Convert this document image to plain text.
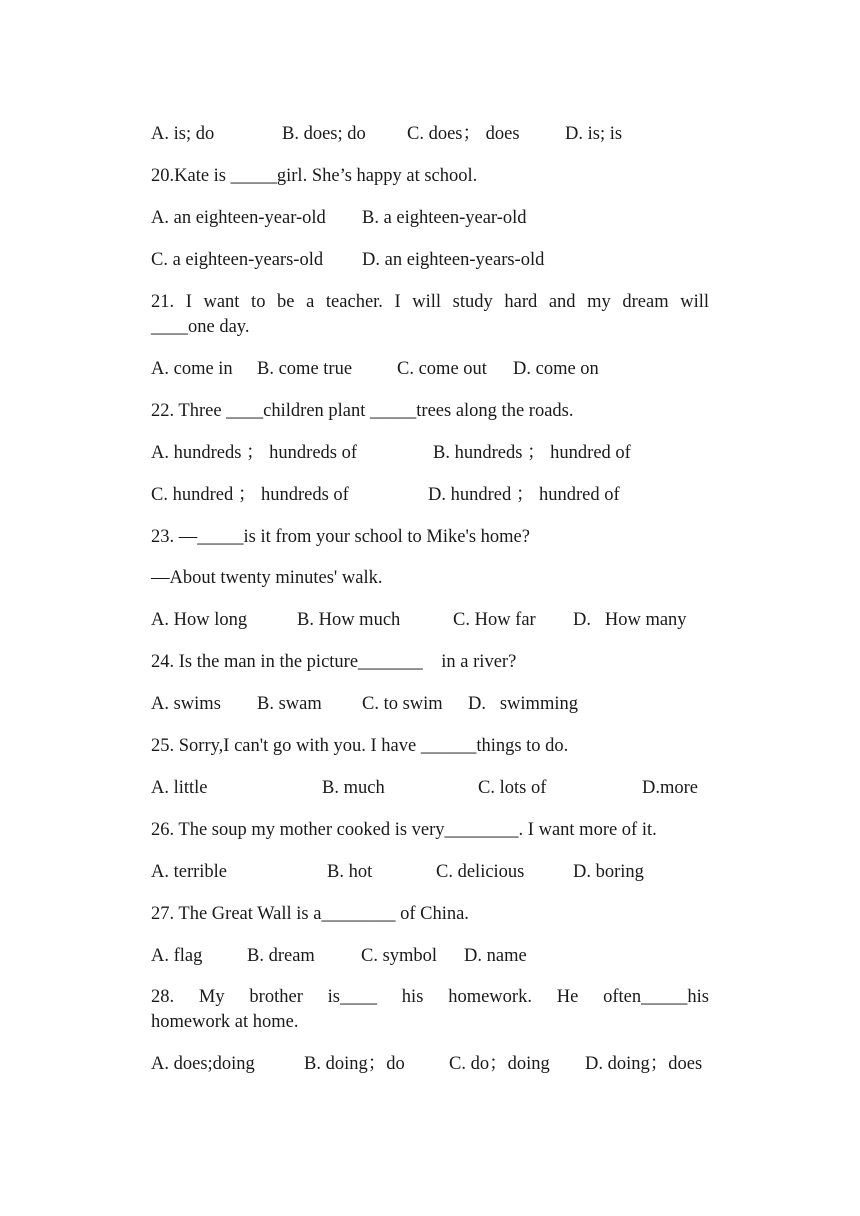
A. is; do	B. does; do C. does； does D. is; is
20.Kate is _____girl. She’s happy at school.
A. an eighteen-year-old B. a eighteen-year-old
C. a eighteen-years-old D. an eighteen-years-old
21. I want to be a teacher. I will study hard and my dream will
____one day.
A. come in B. come true C. come out D. come on
22. Three ____children plant _____trees along the roads.
A. hundreds ； hundreds of	B. hundreds ； hundred of
C. hundred ； hundreds of	D. hundred ； hundred of
23. —_____is it from your school to Mike's home?
—About twenty minutes' walk.
A. How long	B. How much	C. How far D.   How many
24. Is the man in the picture_______    in a river?
A. swims B. swam C. to swim D.   swimming
25. Sorry,I can't go with you. I have ______things to do.
A. little	B. much	C. lots of	D.more
26. The soup my mother cooked is very________. I want more of it.
A. terrible	B. hot	C. delicious	D. boring
27. The Great Wall is a________ of China.
A. flag B. dream C. symbol D. name
28. My brother is____ his homework. He often_____his
homework at home.
A. does;doing	B. doing；do C. do；doing D. doing；does
